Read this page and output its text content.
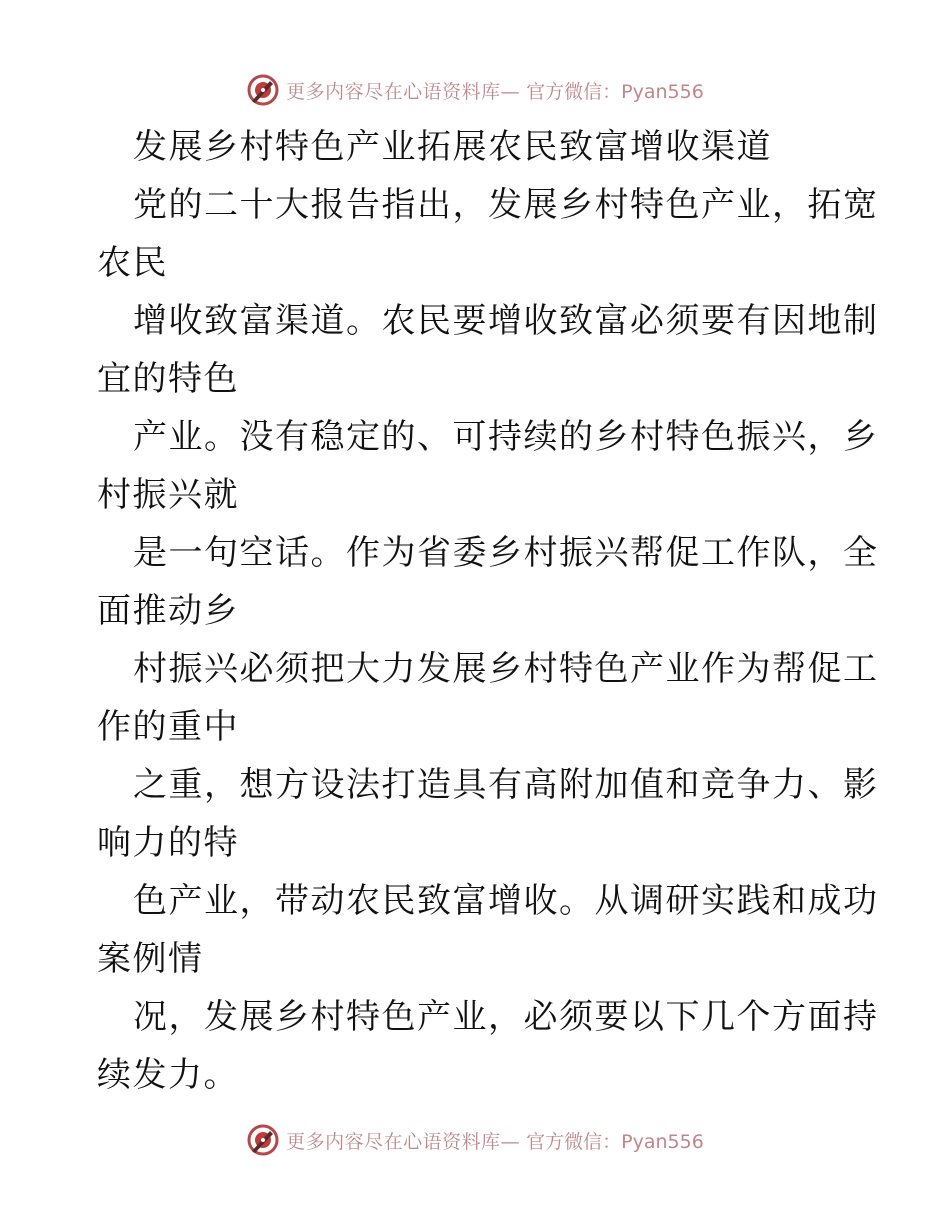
更多内容尽在心语资料库— 官方微信：Pyan556
发展乡村特色产业拓展农民致富增收渠道
党的二十大报告指出，发展乡村特色产业，拓宽
农民
增收致富渠道。农民要增收致富必须要有因地制
宜的特色
产业。没有稳定的、可持续的乡村特色振兴，乡
村振兴就
是一句空话。作为省委乡村振兴帮促工作队，全
面推动乡
村振兴必须把大力发展乡村特色产业作为帮促工
作的重中
之重，想方设法打造具有高附加值和竞争力、影
响力的特
色产业，带动农民致富增收。从调研实践和成功
案例情
况，发展乡村特色产业，必须要以下几个方面持
续发力。
更多内容尽在心语资料库— 官方微信：Pyan556
